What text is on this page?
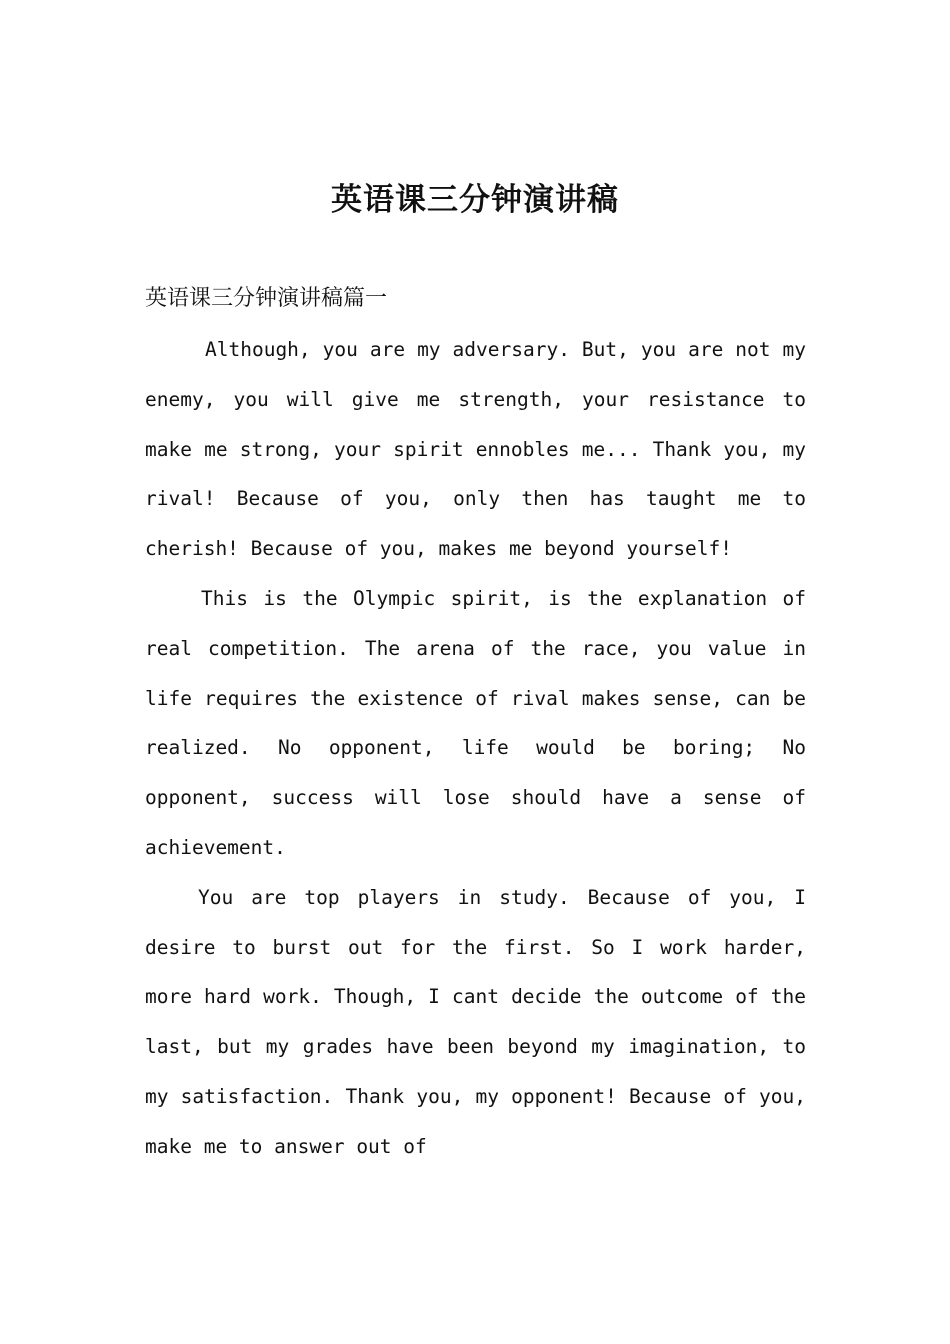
英语课三分钟演讲稿
英语课三分钟演讲稿篇一

Although, you are my adversary. But, you are not my enemy, you will give me strength, your resistance to make me strong, your spirit ennobles me... Thank you, my rival! Because of you, only then has taught me to cherish! Because of you, makes me beyond yourself!

This is the Olympic spirit, is the explanation of real competition. The arena of the race, you value in life requires the existence of rival makes sense, can be realized. No opponent, life would be boring; No opponent, success will lose should have a sense of achievement.

You are top players in study. Because of you, I desire to burst out for the first. So I work harder, more hard work. Though, I cant decide the outcome of the last, but my grades have been beyond my imagination, to my satisfaction. Thank you, my opponent! Because of you, make me to answer out of
